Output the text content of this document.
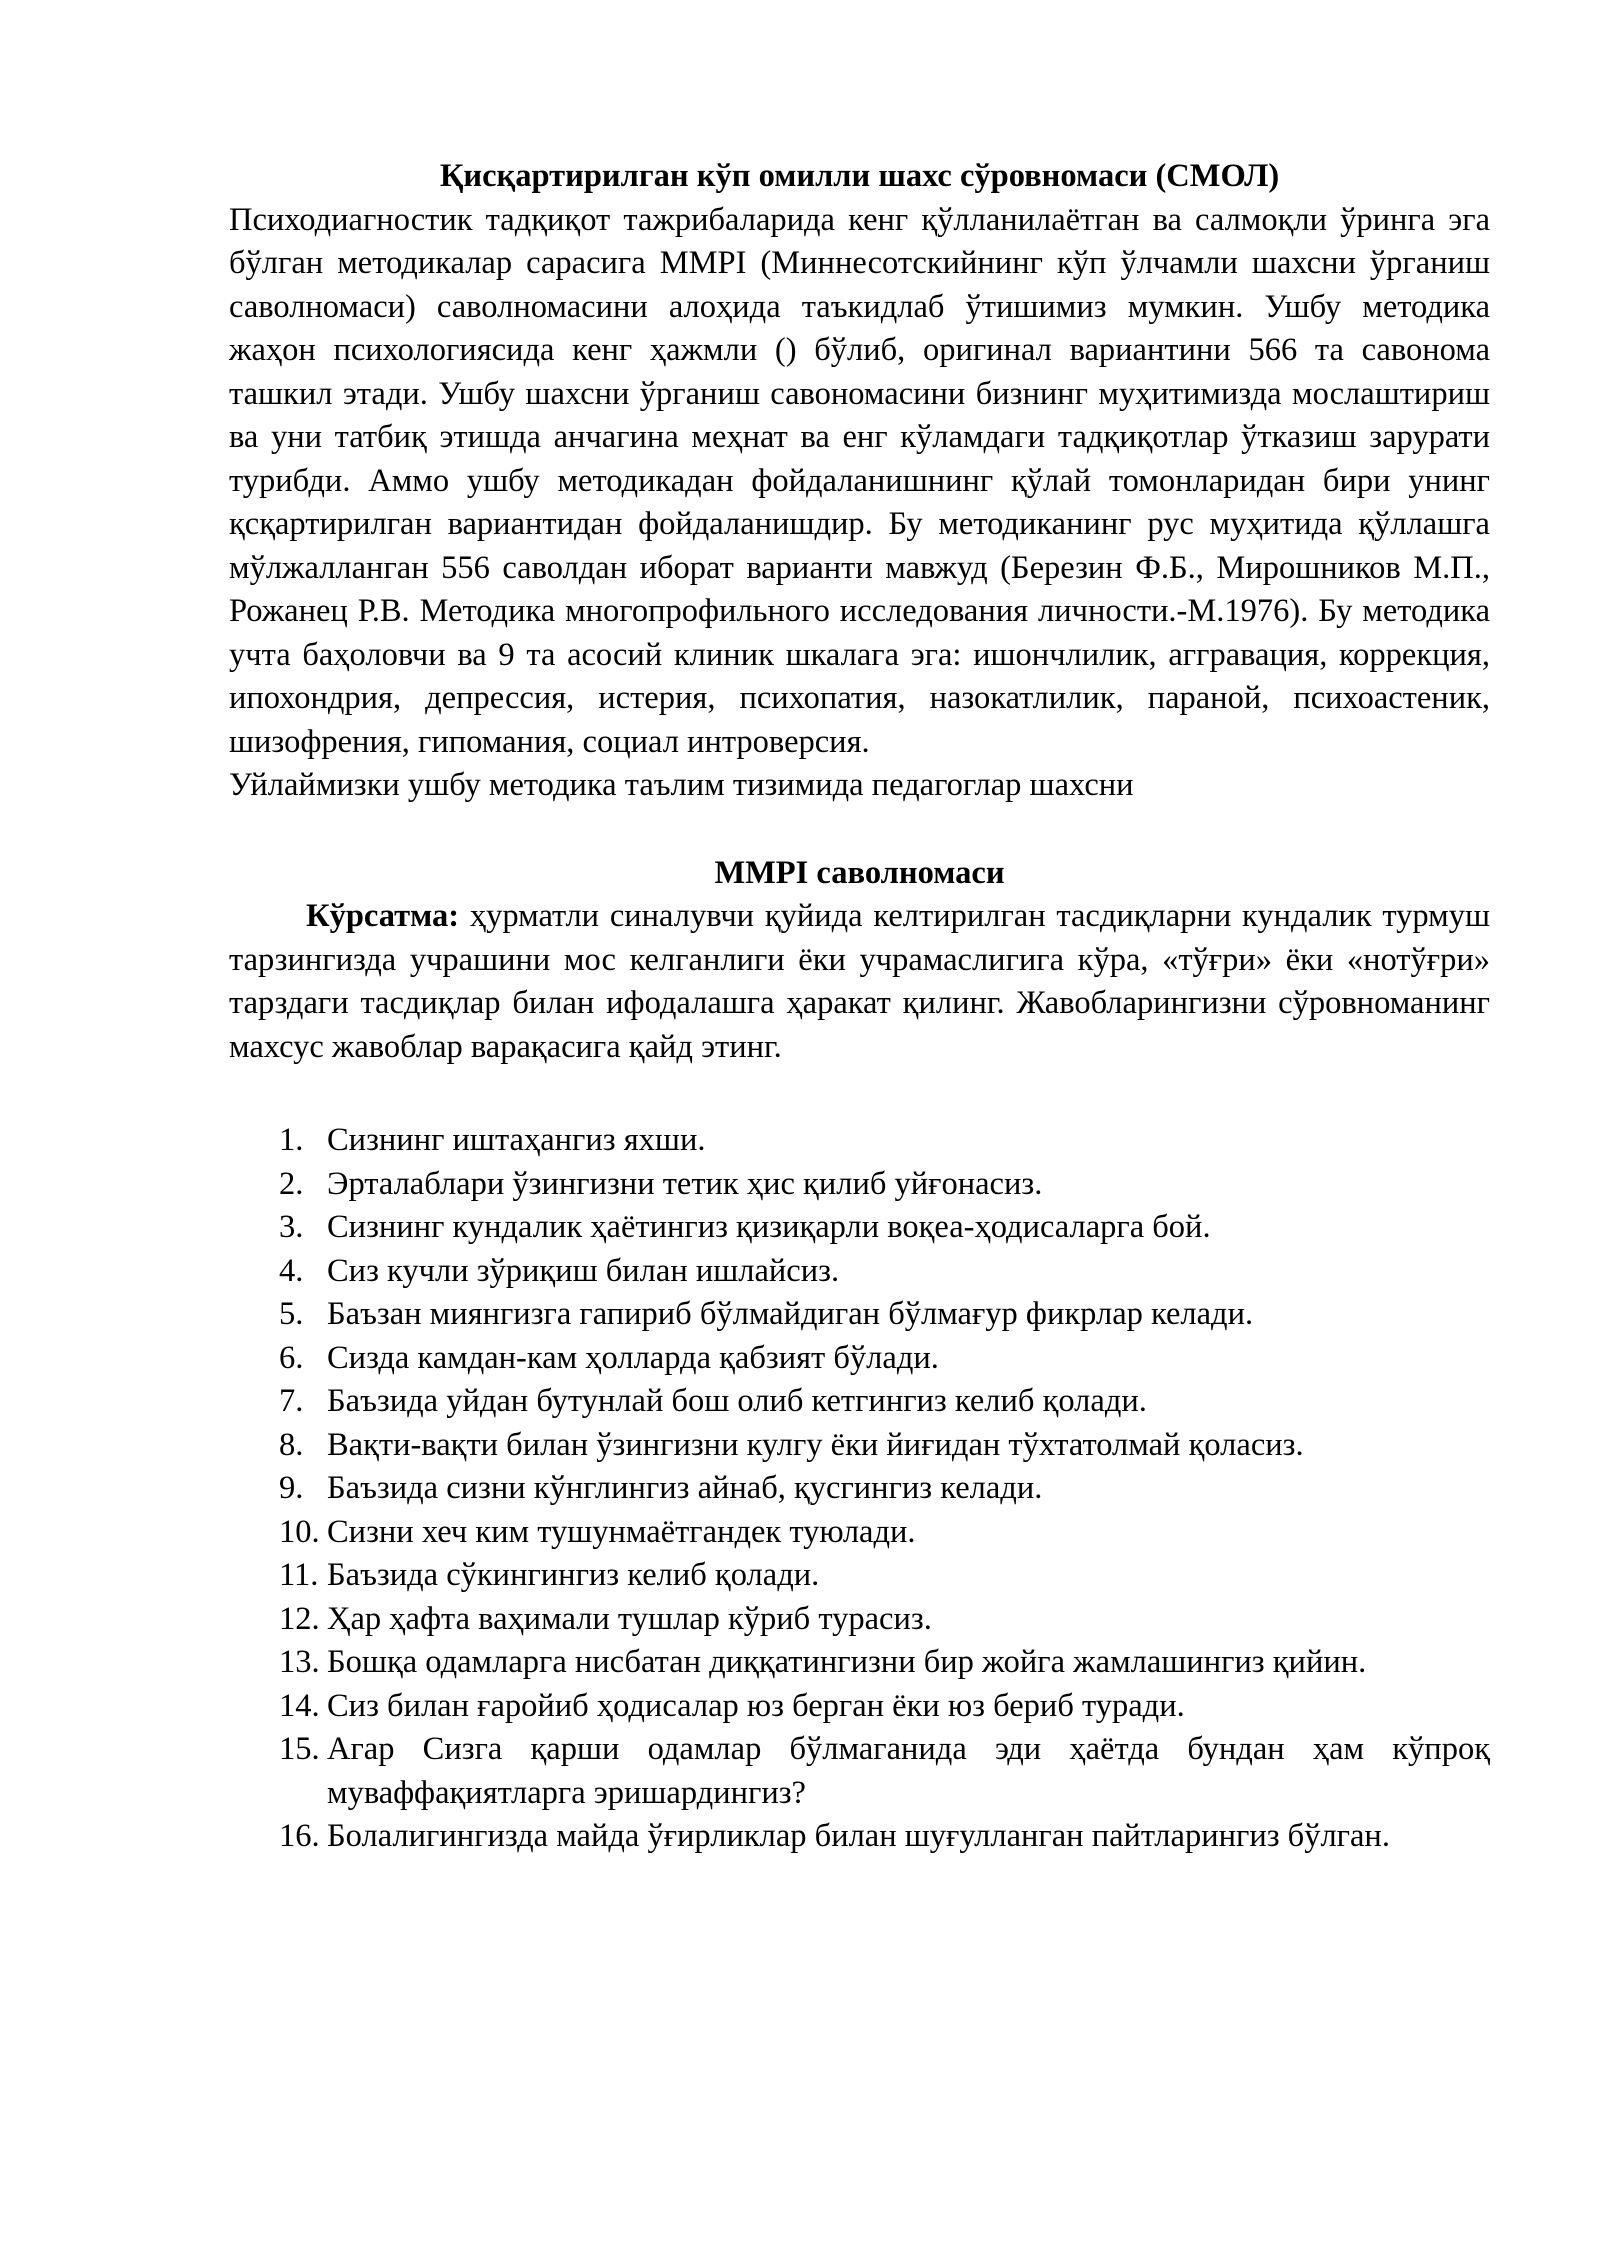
Қисқартирилган кўп омилли шахс сўровномаси (СМОЛ)

Психодиагностик тадқиқот тажрибаларида кенг қўлланилаётган ва салмоқли ўринга эга бўлган методикалар сарасига ММРI (Миннесотскийнинг кўп ўлчамли шахсни ўрганиш саволномаси) саволномасини алоҳида таъкидлаб ўтишимиз мумкин. Ушбу методика жаҳон психологиясида кенг ҳажмли () бўлиб, оригинал вариантини 566 та савонома ташкил этади. Ушбу шахсни ўрганиш савономасини бизнинг муҳитимизда мослаштириш ва уни татбиқ этишда анчагина меҳнат ва енг кўламдаги тадқиқотлар ўтказиш зарурати турибди. Аммо ушбу методикадан фойдаланишнинг қўлай томонларидан бири унинг қсқартирилган вариантидан фойдаланишдир. Бу методиканинг рус муҳитида қўллашга мўлжалланган 556 саволдан иборат варианти мавжуд (Березин Ф.Б., Мирошников М.П., Рожанец Р.В. Методика многопрофильного исследования личности.-М.1976). Бу методика учта баҳоловчи ва 9 та асосий клиник шкалага эга: ишончлилик, аггравация, коррекция, ипохондрия, депрессия, истерия, психопатия, назокатлилик, параной, психоастеник, шизофрения, гипомания, социал интроверсия.

Уйлаймизки ушбу методика таълим тизимида педагоглар шахсни

ММРI саволномаси

Кўрсатма: ҳурматли синалувчи қуйида келтирилган тасдиқларни кундалик турмуш тарзингизда учрашини мос келганлиги ёки учрамаслигига кўра, «тўғри» ёки «нотўғри» тарздаги тасдиқлар билан ифодалашга ҳаракат қилинг. Жавобларингизни сўровноманинг махсус жавоблар варақасига қайд этинг.

1. Сизнинг иштаҳангиз яхши.
2. Эрталаблари ўзингизни тетик ҳис қилиб уйғонасиз.
3. Сизнинг кундалик ҳаётингиз қизиқарли воқеа-ҳодисаларга бой.
4. Сиз кучли зўриқиш билан ишлайсиз.
5. Баъзан миянгизга гапириб бўлмайдиган бўлмағур фикрлар келади.
6. Сизда камдан-кам ҳолларда қабзият бўлади.
7. Баъзида уйдан бутунлай бош олиб кетгингиз келиб қолади.
8. Вақти-вақти билан ўзингизни кулгу ёки йиғидан тўхтатолмай қоласиз.
9. Баъзида сизни кўнглингиз айнаб, қусгингиз келади.
10. Сизни хеч ким тушунмаётгандек туюлади.
11. Баъзида сўкингингиз келиб қолади.
12. Ҳар ҳафта ваҳимали тушлар кўриб турасиз.
13. Бошқа одамларга нисбатан диққатингизни бир жойга жамлашингиз қийин.
14. Сиз билан ғаройиб ҳодисалар юз берган ёки юз бериб туради.
15. Агар Сизга қарши одамлар бўлмаганида эди ҳаётда бундан ҳам кўпроқ муваффақиятларга эришардингиз?
16. Болалигингизда майда ўғирликлар билан шуғулланган пайтларингиз бўлган.
